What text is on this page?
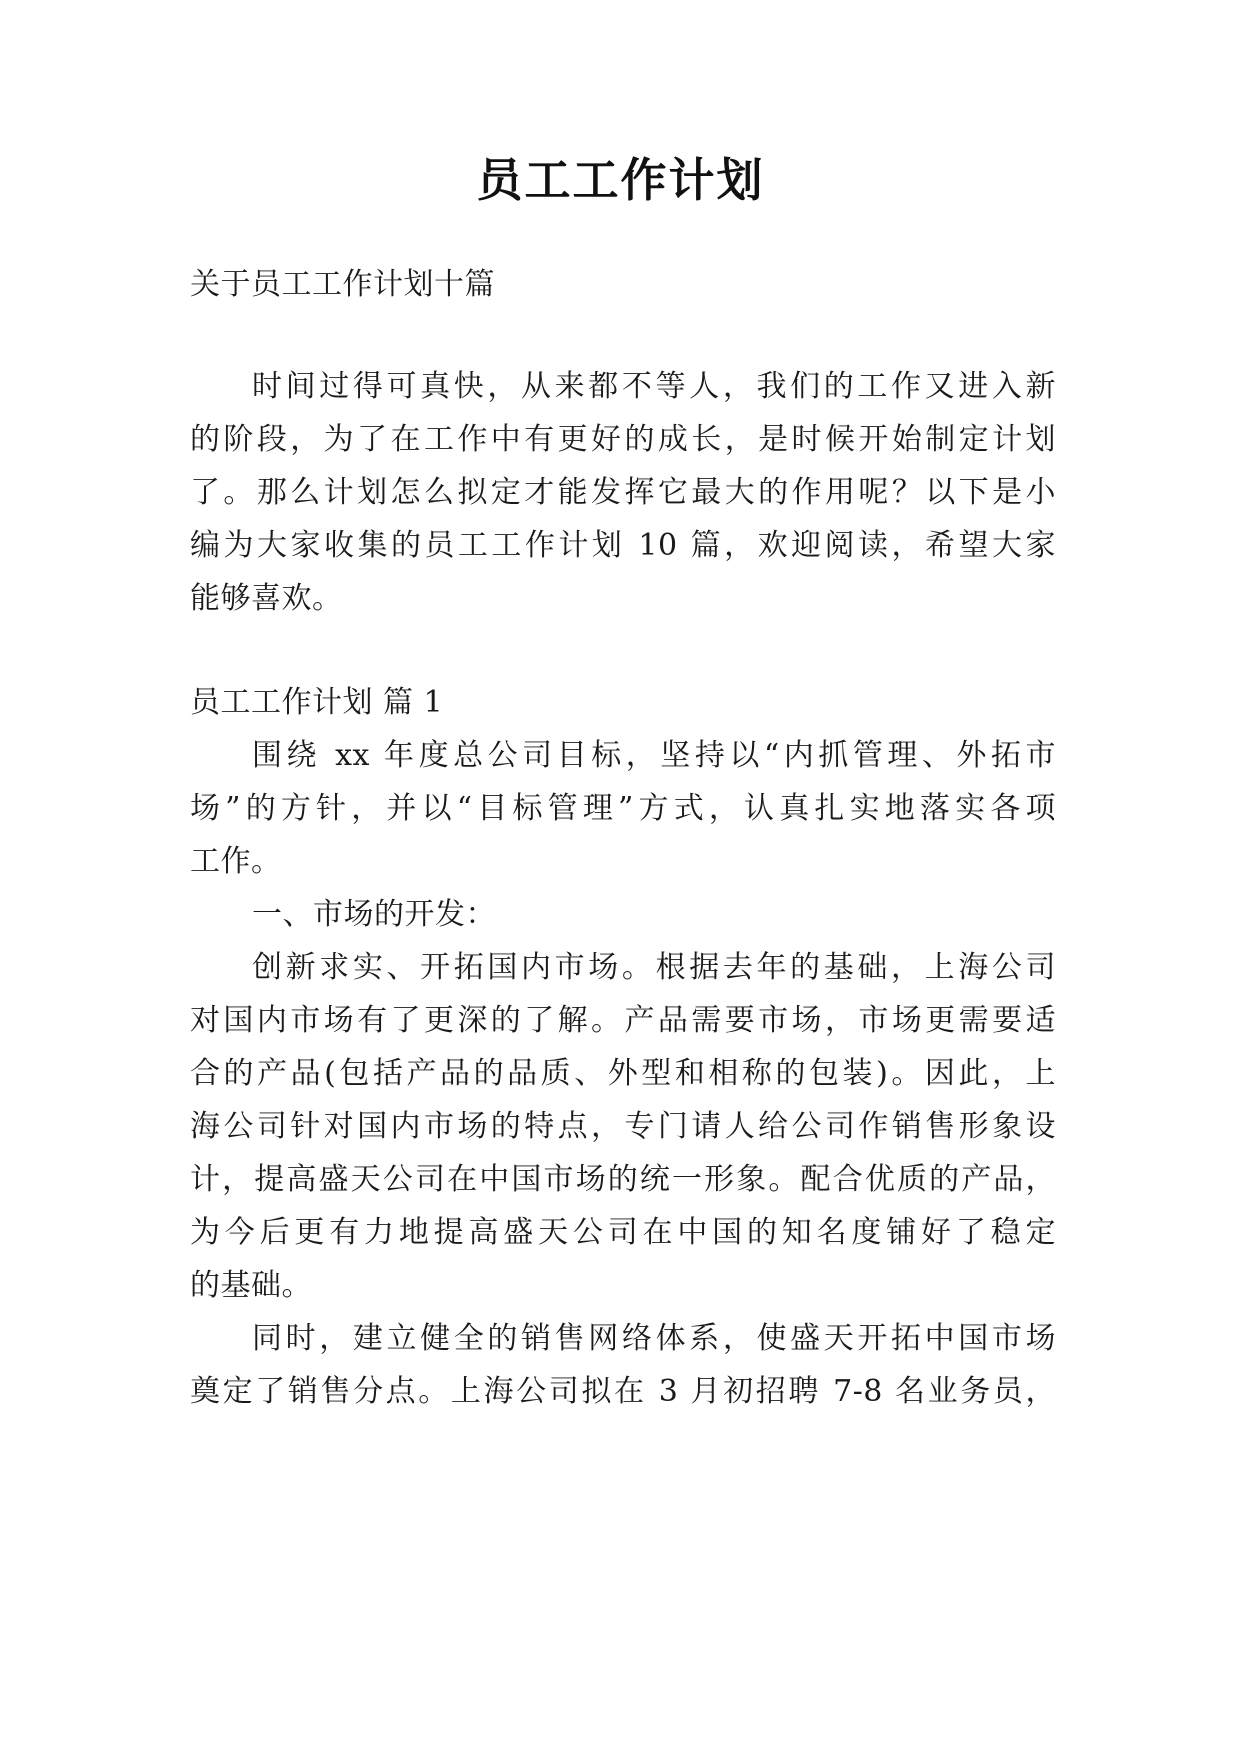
员工工作计划
关于员工工作计划十篇
时间过得可真快，从来都不等人，我们的工作又进入新
的阶段，为了在工作中有更好的成长，是时候开始制定计划
了。那么计划怎么拟定才能发挥它最大的作用呢？以下是小
编为大家收集的员工工作计划 10 篇，欢迎阅读，希望大家
能够喜欢。
员工工作计划 篇 1
围绕 xx 年度总公司目标，坚持以“内抓管理、外拓市
场”的方针，并以“目标管理”方式，认真扎实地落实各项
工作。
一、市场的开发：
创新求实、开拓国内市场。根据去年的基础，上海公司
对国内市场有了更深的了解。产品需要市场，市场更需要适
合的产品(包括产品的品质、外型和相称的包装)。因此，上
海公司针对国内市场的特点，专门请人给公司作销售形象设
计，提高盛天公司在中国市场的统一形象。配合优质的产品，
为今后更有力地提高盛天公司在中国的知名度铺好了稳定
的基础。
同时，建立健全的销售网络体系，使盛天开拓中国市场
奠定了销售分点。上海公司拟在 3 月初招聘 7-8 名业务员，
